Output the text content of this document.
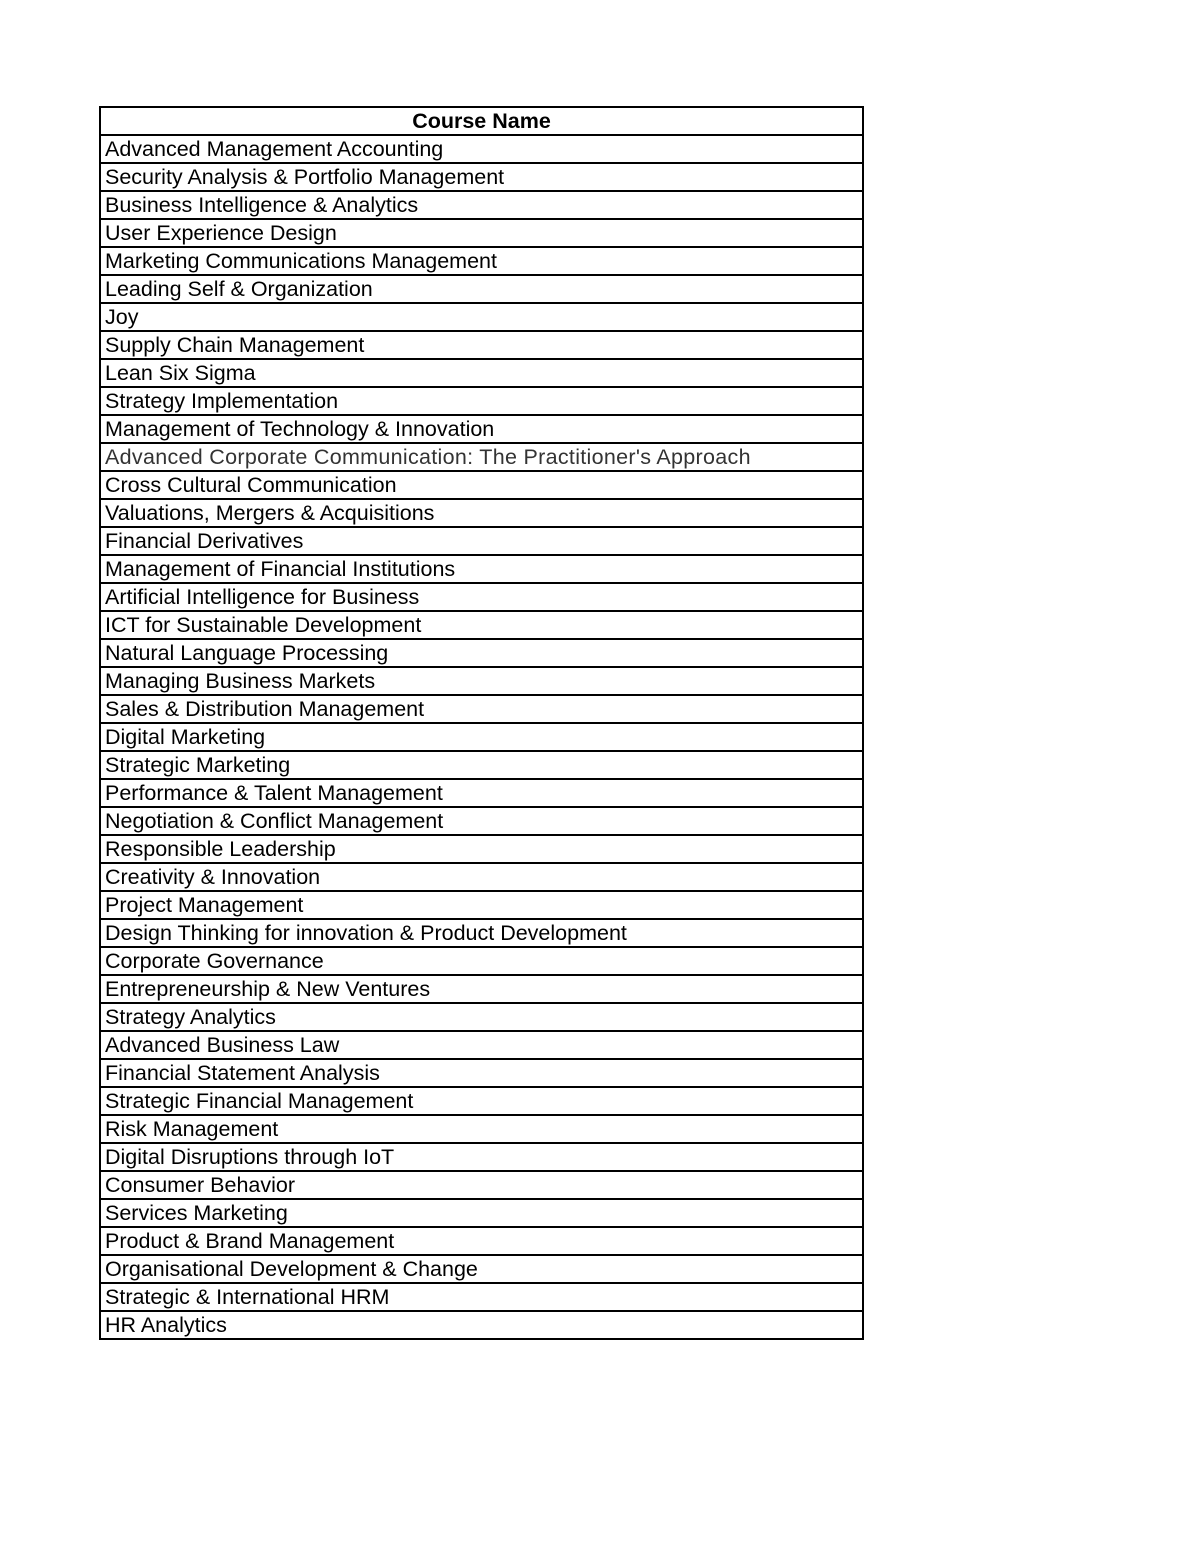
Course Name
Advanced Management Accounting
Security Analysis & Portfolio Management
Business Intelligence & Analytics
User Experience Design
Marketing Communications Management
Leading Self & Organization
Joy
Supply Chain Management
Lean Six Sigma
Strategy Implementation
Management of Technology & Innovation
Advanced Corporate Communication: The Practitioner's Approach
Cross Cultural Communication
Valuations, Mergers & Acquisitions
Financial Derivatives
Management of Financial Institutions
Artificial Intelligence for Business
ICT for Sustainable Development
Natural Language Processing
Managing Business Markets
Sales & Distribution Management
Digital Marketing
Strategic Marketing
Performance & Talent Management
Negotiation & Conflict Management
Responsible Leadership
Creativity & Innovation
Project Management
Design Thinking for innovation & Product Development
Corporate Governance
Entrepreneurship & New Ventures
Strategy Analytics
Advanced Business Law
Financial Statement Analysis
Strategic Financial Management
Risk Management
Digital Disruptions through IoT
Consumer Behavior
Services Marketing
Product & Brand Management
Organisational Development & Change
Strategic & International HRM
HR Analytics
